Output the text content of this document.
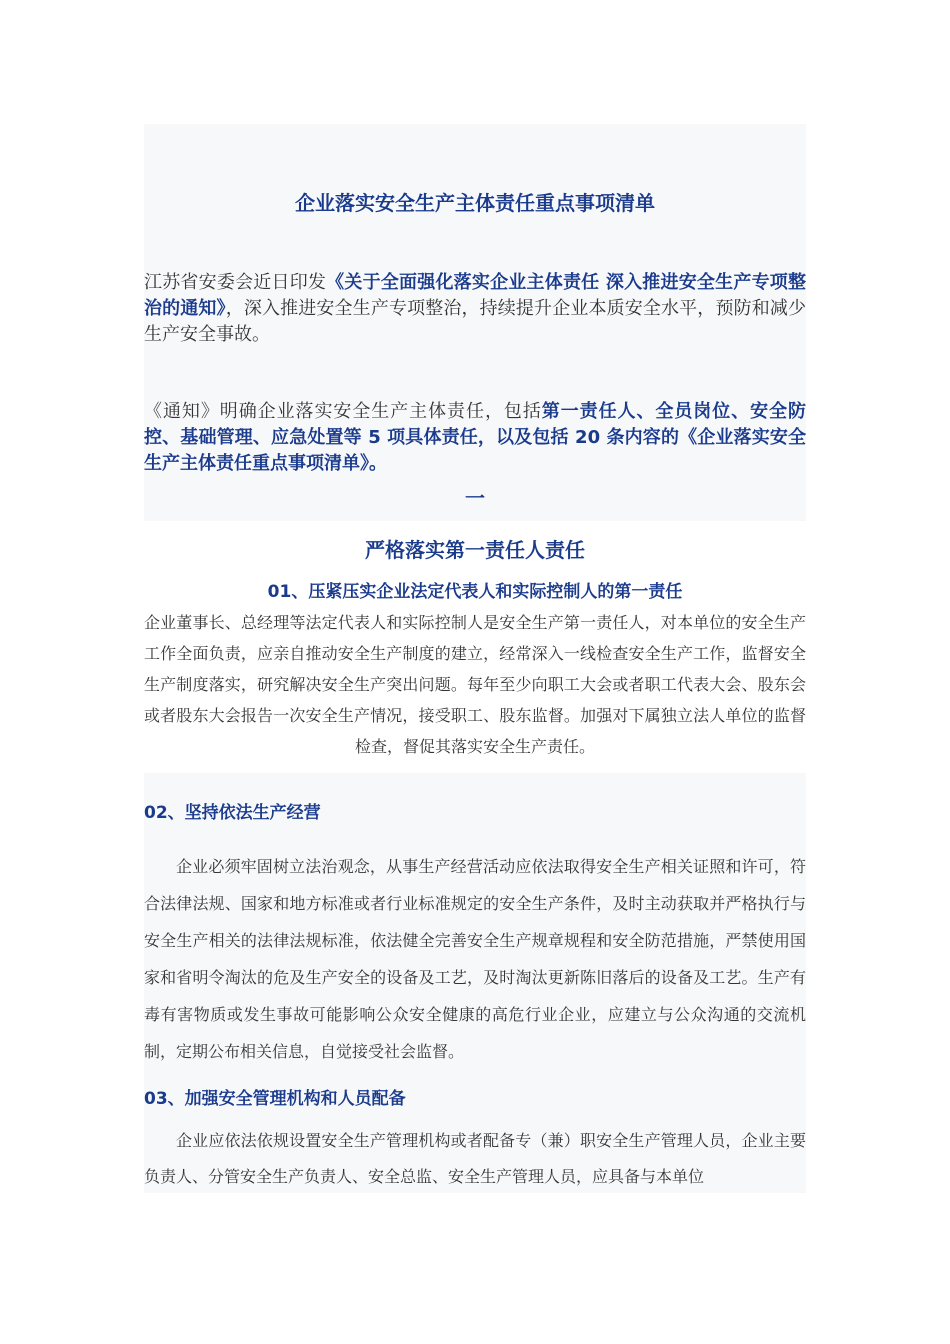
企业落实安全生产主体责任重点事项清单

江苏省安委会近日印发《关于全面强化落实企业主体责任 深入推进安全生产专项整治的通知》，深入推进安全生产专项整治，持续提升企业本质安全水平，预防和减少生产安全事故。

《通知》明确企业落实安全生产主体责任，包括第一责任人、全员岗位、安全防控、基础管理、应急处置等 5 项具体责任，以及包括 20 条内容的《企业落实安全生产主体责任重点事项清单》。

一
严格落实第一责任人责任
01、压紧压实企业法定代表人和实际控制人的第一责任

企业董事长、总经理等法定代表人和实际控制人是安全生产第一责任人，对本单位的安全生产工作全面负责，应亲自推动安全生产制度的建立，经常深入一线检查安全生产工作，监督安全生产制度落实，研究解决安全生产突出问题。每年至少向职工大会或者职工代表大会、股东会或者股东大会报告一次安全生产情况，接受职工、股东监督。加强对下属独立法人单位的监督检查，督促其落实安全生产责任。

02、坚持依法生产经营

企业必须牢固树立法治观念，从事生产经营活动应依法取得安全生产相关证照和许可，符合法律法规、国家和地方标准或者行业标准规定的安全生产条件，及时主动获取并严格执行与安全生产相关的法律法规标准，依法健全完善安全生产规章规程和安全防范措施，严禁使用国家和省明令淘汰的危及生产安全的设备及工艺，及时淘汰更新陈旧落后的设备及工艺。生产有毒有害物质或发生事故可能影响公众安全健康的高危行业企业，应建立与公众沟通的交流机制，定期公布相关信息，自觉接受社会监督。

03、加强安全管理机构和人员配备

企业应依法依规设置安全生产管理机构或者配备专（兼）职安全生产管理人员，企业主要负责人、分管安全生产负责人、安全总监、安全生产管理人员，应具备与本单位
